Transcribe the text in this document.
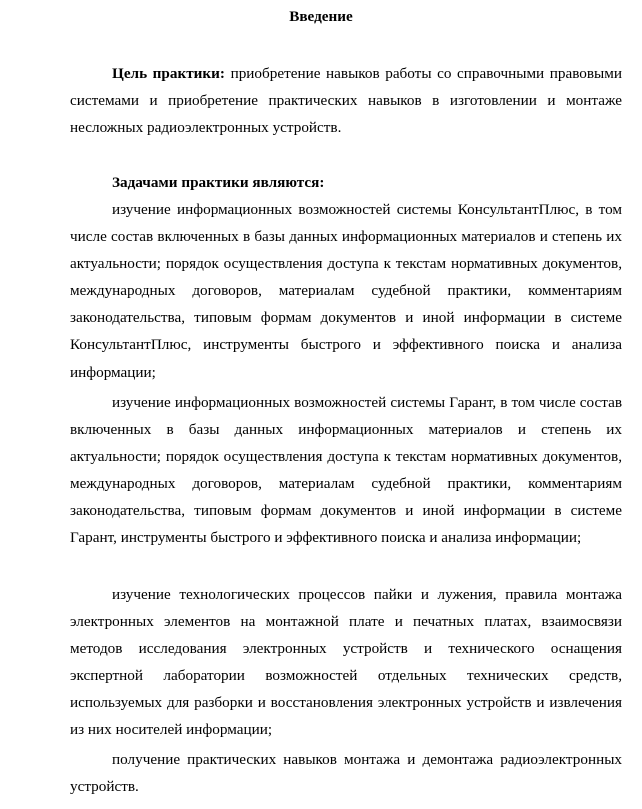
Введение

Цель практики: приобретение навыков работы со справочными правовыми системами и приобретение практических навыков в изготовлении и монтаже несложных радиоэлектронных устройств.

Задачами практики являются:

изучение информационных возможностей системы КонсультантПлюс, в том числе состав включенных в базы данных информационных материалов и степень их актуальности; порядок осуществления доступа к текстам нормативных документов, международных договоров, материалам судебной практики, комментариям законодательства, типовым формам документов и иной информации в системе КонсультантПлюс, инструменты быстрого и эффективного поиска и анализа информации;

изучение информационных возможностей системы Гарант, в том числе состав включенных в базы данных информационных материалов и степень их актуальности; порядок осуществления доступа к текстам нормативных документов, международных договоров, материалам судебной практики, комментариям законодательства, типовым формам документов и иной информации в системе Гарант, инструменты быстрого и эффективного поиска и анализа информации;

изучение технологических процессов пайки и лужения, правила монтажа электронных элементов на монтажной плате и печатных платах, взаимосвязи методов исследования электронных устройств и технического оснащения экспертной лаборатории возможностей отдельных технических средств, используемых для разборки и восстановления электронных устройств и извлечения из них носителей информации;

получение практических навыков монтажа и демонтажа радиоэлектронных устройств.
